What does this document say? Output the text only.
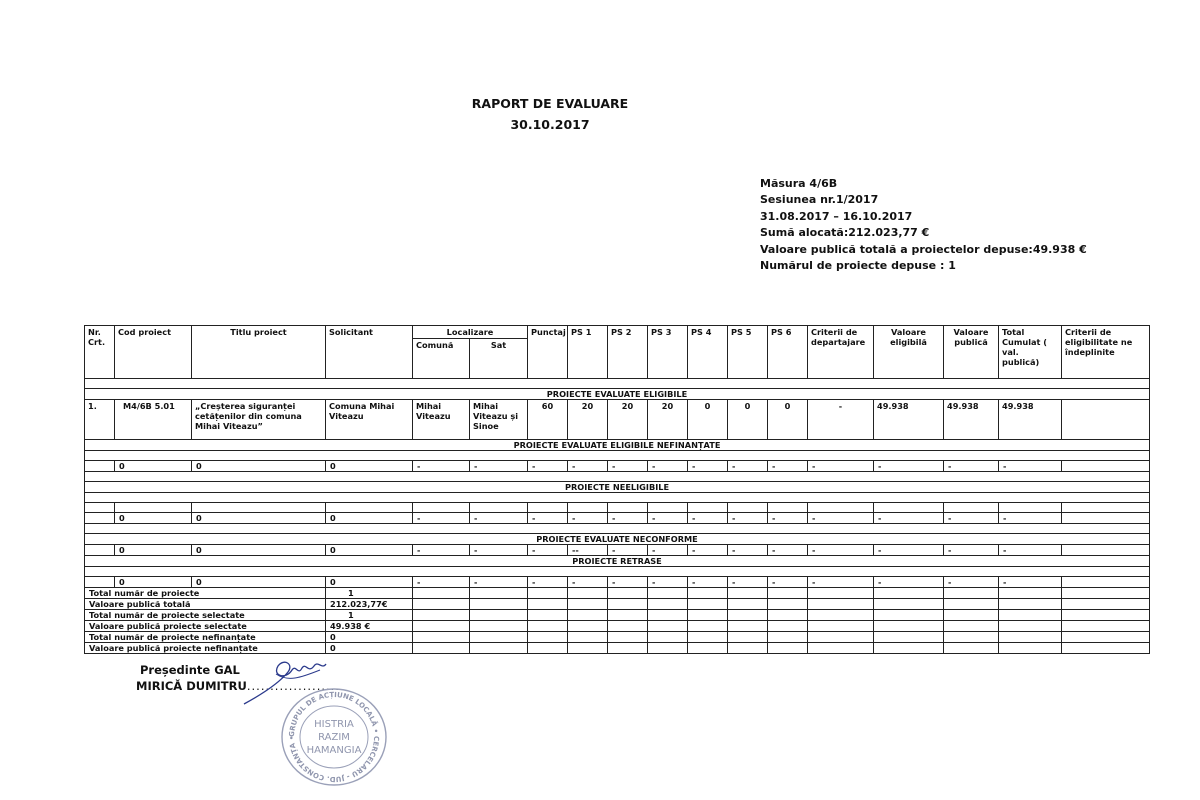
RAPORT DE EVALUARE
30.10.2017
Măsura 4/6B
Sesiunea nr.1/2017
31.08.2017 – 16.10.2017
Sumă alocată:212.023,77 €
Valoare publică totală a proiectelor depuse:49.938 €
Numărul de proiecte depuse : 1
Nr. Crt.	Cod proiect	Titlu proiect	Solicitant	Localizare		Punctaj	PS 1	PS 2	PS 3	PS 4	PS 5	PS 6	Criterii de departajare	Valoare eligibilă	Valoare publică	Total Cumulat ( val. publică)	Criterii de eligibilitate ne îndeplinite
				Comună	Sat												

PROIECTE EVALUATE ELIGIBILE																	
1.	M4/6B 5.01	„Creșterea siguranței cetățenilor din comuna Mihai Viteazu”	Comuna Mihai Viteazu	Mihai Viteazu	Mihai Viteazu și Sinoe	60	20	20	20	0	0	0	-	49.938	49.938	49.938	
PROIECTE EVALUATE ELIGIBILE NEFINANȚATE																	

	0	0	0	-	-	-	-	-	-	-	-	-	-	-	-	-	

PROIECTE NEELIGIBILE																	

	0	0	0	-	-	-	-	-	-	-	-	-	-	-	-	-	

PROIECTE EVALUATE NECONFORME																	
	0	0	0	-	-	-	--	-	-	-	-	-	-	-	-	-	
PROIECTE RETRASE																	

	0	0	0	-	-	-	-	-	-	-	-	-	-	-	-	-	
Total număr de proiecte			1														
Valoare publică totală			212.023,77€														
Total număr de proiecte selectate			1														
Valoare publică proiecte selectate			49.938 €														
Total număr de proiecte nefinanțate			0														
Valoare publică proiecte nefinanțate			0														
Președinte GAL
MIRICĂ DUMITRU....................
GRUPUL DE ACȚIUNE LOCALĂ • CERCELARU - JUD. CONSTANȚA •
HISTRIA
RAZIM
HAMANGIA
